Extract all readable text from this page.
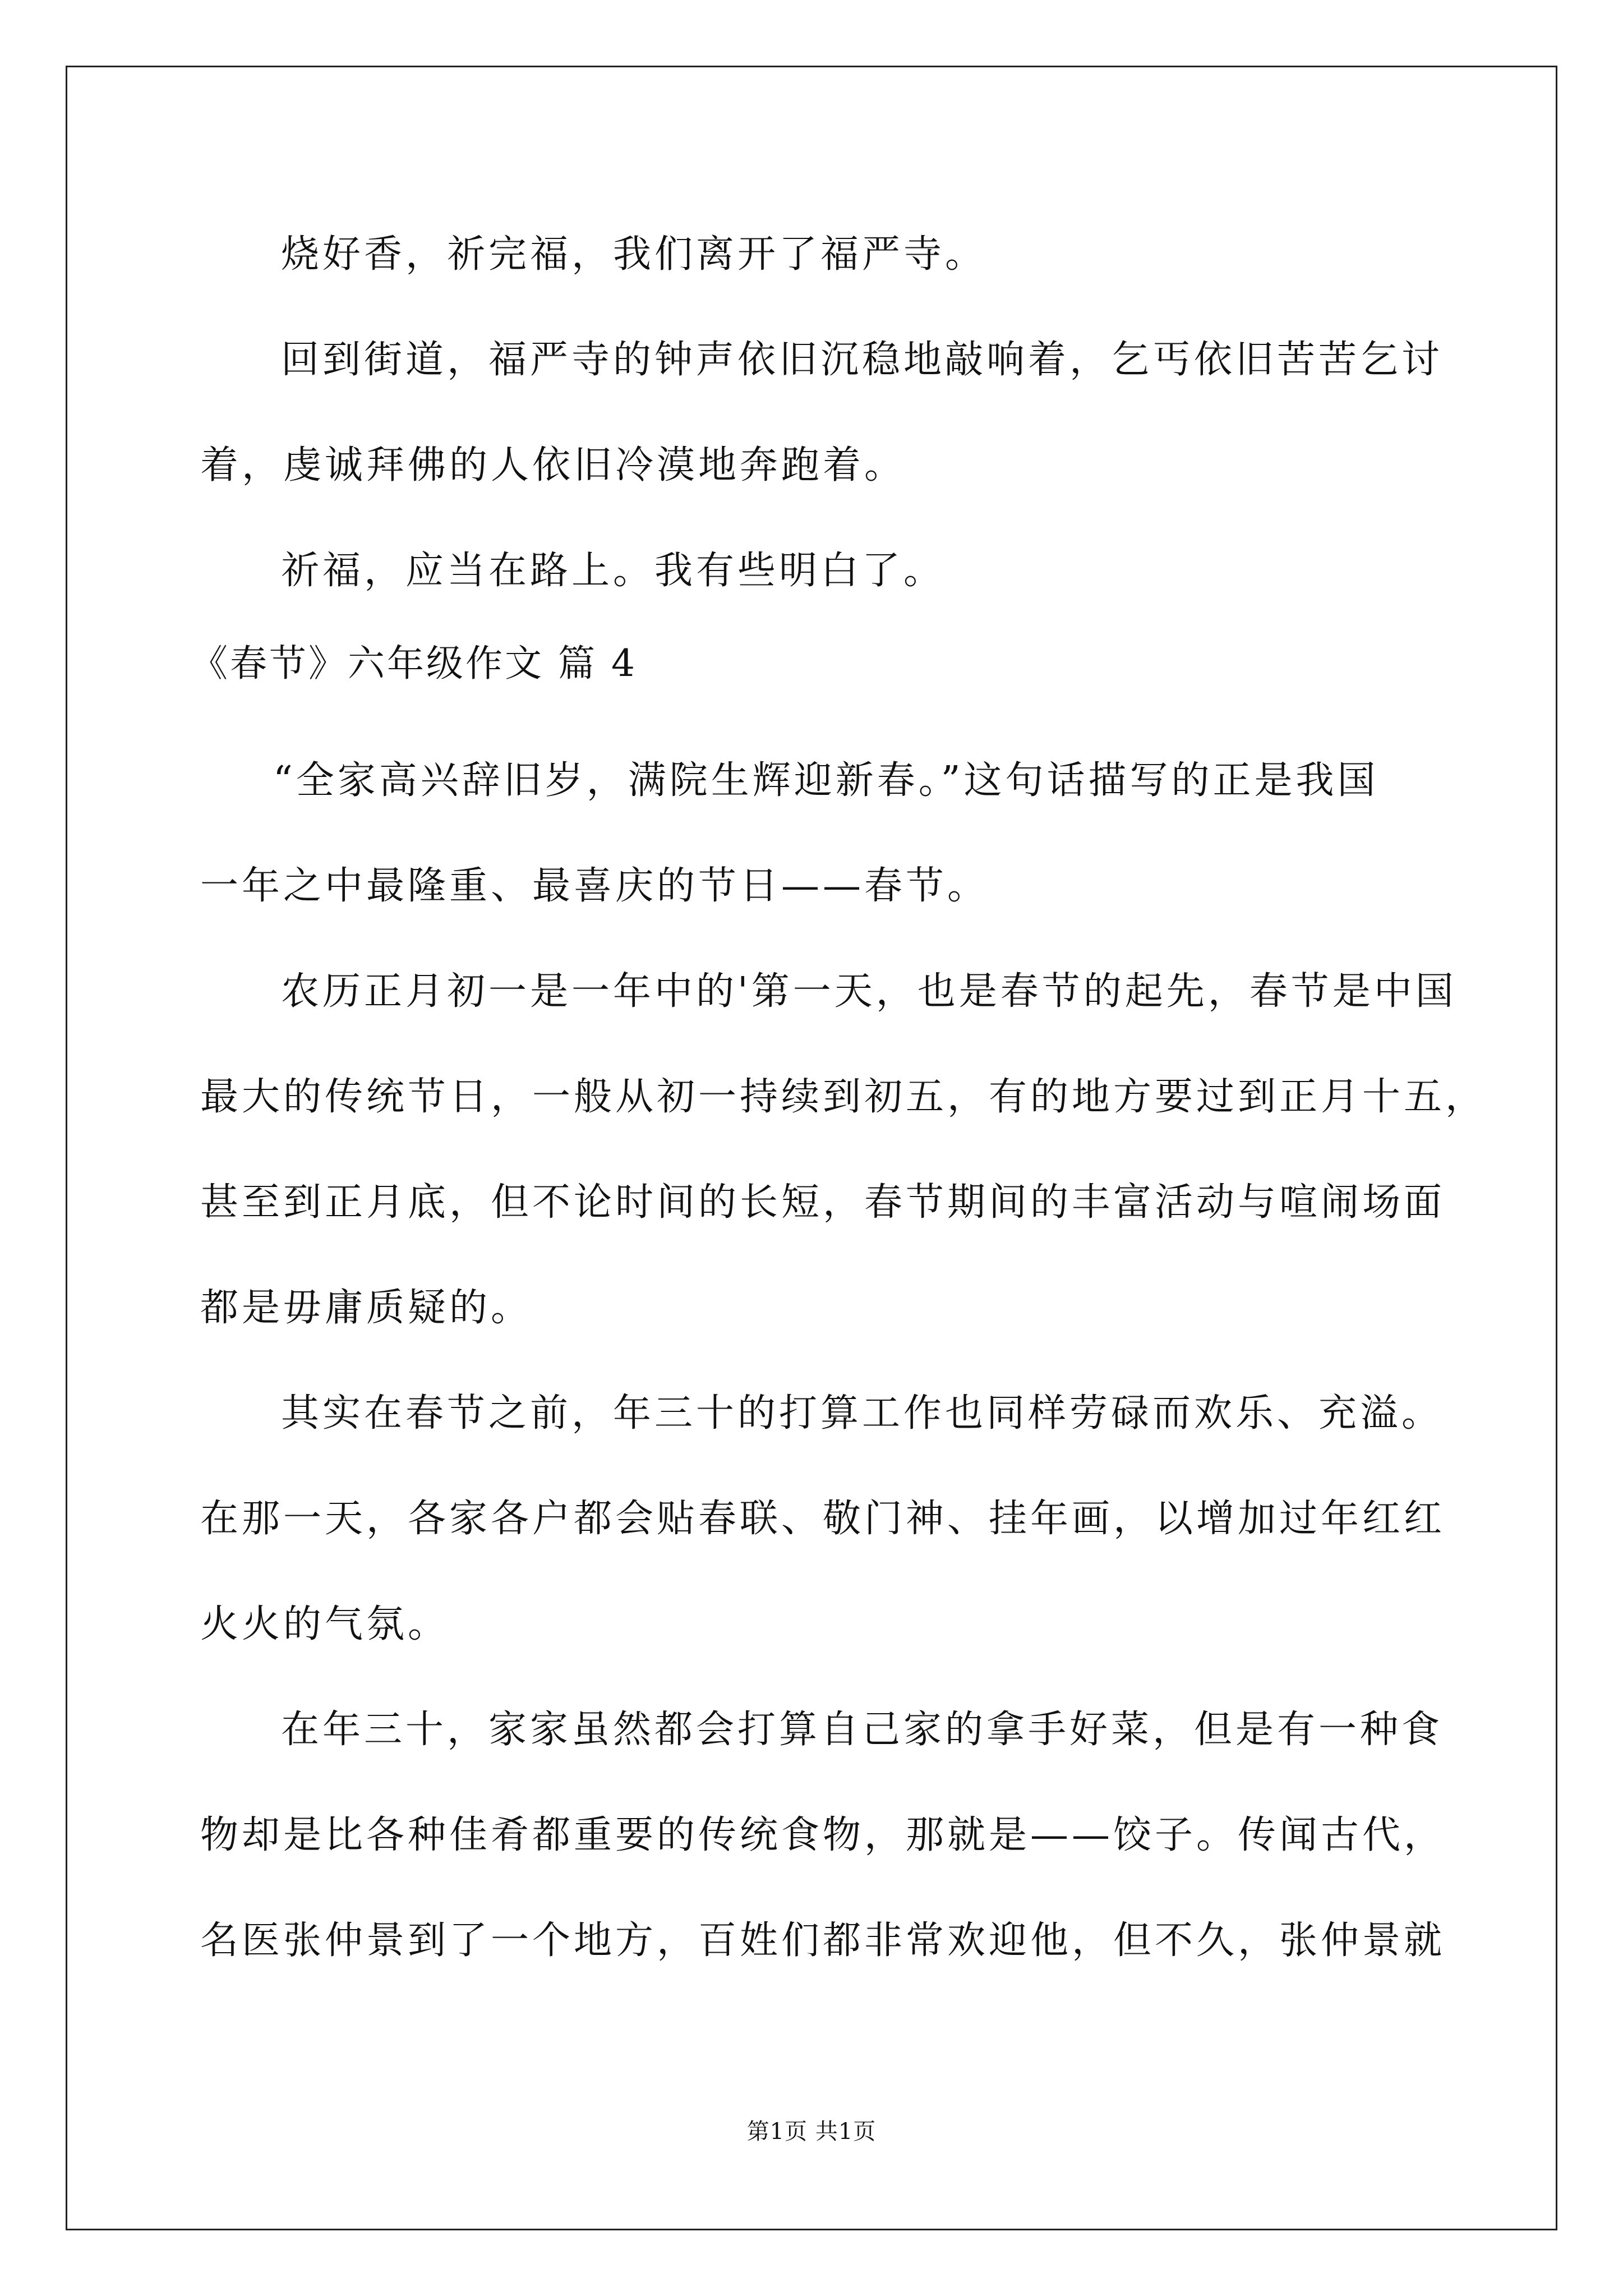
烧好香，祈完福，我们离开了福严寺。
回到街道，福严寺的钟声依旧沉稳地敲响着，乞丐依旧苦苦乞讨
着，虔诚拜佛的人依旧冷漠地奔跑着。
祈福，应当在路上。我有些明白了。
《春节》六年级作文 篇 4
“全家高兴辞旧岁，满院生辉迎新春。”这句话描写的正是我国
一年之中最隆重、最喜庆的节日——春节。
农历正月初一是一年中的'第一天，也是春节的起先，春节是中国
最大的传统节日，一般从初一持续到初五，有的地方要过到正月十五，
甚至到正月底，但不论时间的长短，春节期间的丰富活动与喧闹场面
都是毋庸质疑的。
其实在春节之前，年三十的打算工作也同样劳碌而欢乐、充溢。
在那一天，各家各户都会贴春联、敬门神、挂年画，以增加过年红红
火火的气氛。
在年三十，家家虽然都会打算自己家的拿手好菜，但是有一种食
物却是比各种佳肴都重要的传统食物，那就是——饺子。传闻古代，
名医张仲景到了一个地方，百姓们都非常欢迎他，但不久，张仲景就
第1页 共1页
